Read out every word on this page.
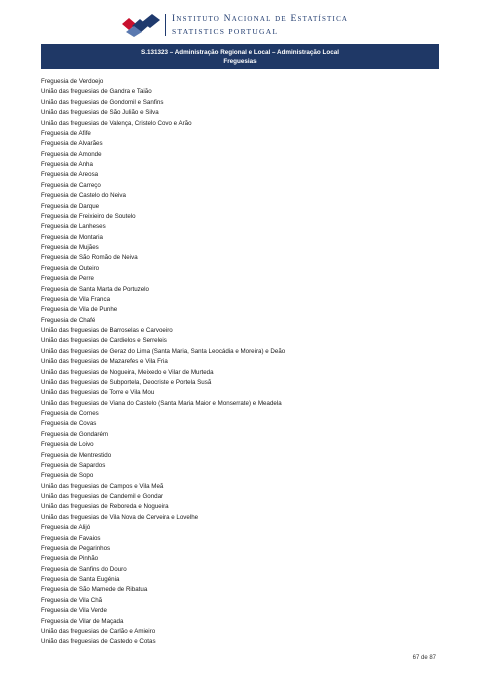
Instituto Nacional de Estatística
STATISTICS PORTUGAL
S.131323 – Administração Regional e Local – Administração Local
Freguesias
Freguesia de Verdoejo
União das freguesias de Gandra e Taião
União das freguesias de Gondomil e Sanfins
União das freguesias de São Julião e Silva
União das freguesias de Valença, Cristelo Covo e Arão
Freguesia de Afife
Freguesia de Alvarães
Freguesia de Amonde
Freguesia de Anha
Freguesia de Areosa
Freguesia de Carreço
Freguesia de Castelo do Neiva
Freguesia de Darque
Freguesia de Freixieiro de Soutelo
Freguesia de Lanheses
Freguesia de Montaria
Freguesia de Mujães
Freguesia de São Romão de Neiva
Freguesia de Outeiro
Freguesia de Perre
Freguesia de Santa Marta de Portuzelo
Freguesia de Vila Franca
Freguesia de Vila de Punhe
Freguesia de Chafé
União das freguesias de Barroselas e Carvoeiro
União das freguesias de Cardielos e Serreleis
União das freguesias de Geraz do Lima (Santa Maria, Santa Leocádia e Moreira) e Deão
União das freguesias de Mazarefes e Vila Fria
União das freguesias de Nogueira, Meixedo e Vilar de Murteda
União das freguesias de Subportela, Deocriste e Portela Susã
União das freguesias de Torre e Vila Mou
União das freguesias de Viana do Castelo (Santa Maria Maior e Monserrate) e Meadela
Freguesia de Cornes
Freguesia de Covas
Freguesia de Gondarém
Freguesia de Loivo
Freguesia de Mentrestido
Freguesia de Sapardos
Freguesia de Sopo
União das freguesias de Campos e Vila Meã
União das freguesias de Candemil e Gondar
União das freguesias de Reboreda e Nogueira
União das freguesias de Vila Nova de Cerveira e Lovelhe
Freguesia de Alijó
Freguesia de Favaios
Freguesia de Pegarinhos
Freguesia de Pinhão
Freguesia de Sanfins do Douro
Freguesia de Santa Eugénia
Freguesia de São Mamede de Ribatua
Freguesia de Vila Chã
Freguesia de Vila Verde
Freguesia de Vilar de Maçada
União das freguesias de Carlão e Amieiro
União das freguesias de Castedo e Cotas
67 de 87
